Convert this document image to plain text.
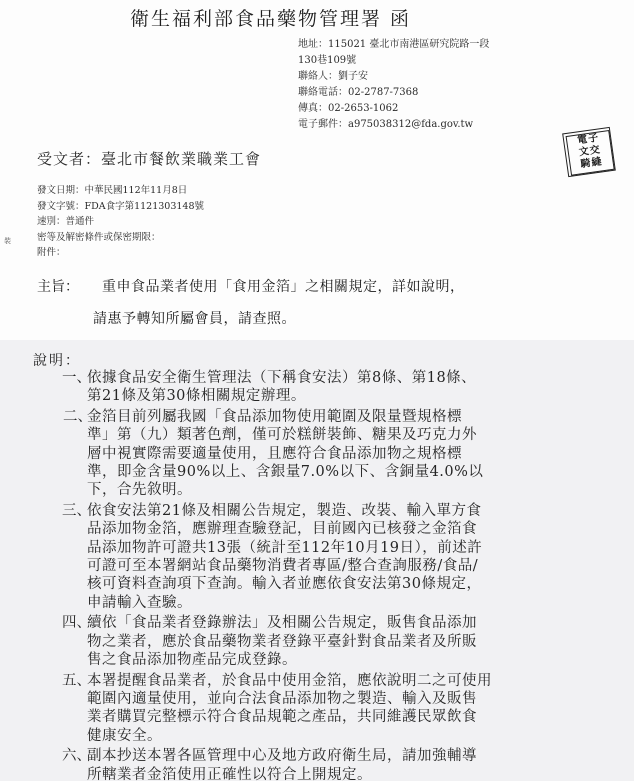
衛生福利部食品藥物管理署 函
地址：115021 臺北市南港區研究院路一段
130巷109號
聯絡人：劉子安
聯絡電話：02-2787-7368
傳真：02-2653-1062
電子郵件：a975038312@fda.gov.tw
電子
文交
騎縫
受文者：臺北市餐飲業職業工會
發文日期：中華民國112年11月8日
發文字號：FDA食字第1121303148號
速別：普通件
密等及解密條件或保密期限：
附件：
裝
主旨： 重申食品業者使用「食用金箔」之相關規定，詳如說明，
請惠予轉知所屬會員，請查照。
說明：
一、
依據食品安全衛生管理法（下稱食安法）第8條、第18條、
第21條及第30條相關規定辦理。
二、
金箔目前列屬我國「食品添加物使用範圍及限量暨規格標
準」第（九）類著色劑，僅可於糕餅裝飾、糖果及巧克力外
層中視實際需要適量使用，且應符合食品添加物之規格標
準，即金含量90%以上、含銀量7.0%以下、含銅量4.0%以
下，合先敘明。
三、
依食安法第21條及相關公告規定，製造、改裝、輸入單方食
品添加物金箔，應辦理查驗登記，目前國內已核發之金箔食
品添加物許可證共13張（統計至112年10月19日），前述許
可證可至本署網站食品藥物消費者專區/整合查詢服務/食品/
核可資料查詢項下查詢。輸入者並應依食安法第30條規定，
申請輸入查驗。
四、
續依「食品業者登錄辦法」及相關公告規定，販售食品添加
物之業者，應於食品藥物業者登錄平臺針對食品業者及所販
售之食品添加物產品完成登錄。
五、
本署提醒食品業者，於食品中使用金箔，應依說明二之可使用
範圍內適量使用，並向合法食品添加物之製造、輸入及販售
業者購買完整標示符合食品規範之產品，共同維護民眾飲食
健康安全。
六、
副本抄送本署各區管理中心及地方政府衛生局，請加強輔導
所轄業者金箔使用正確性以符合上開規定。
